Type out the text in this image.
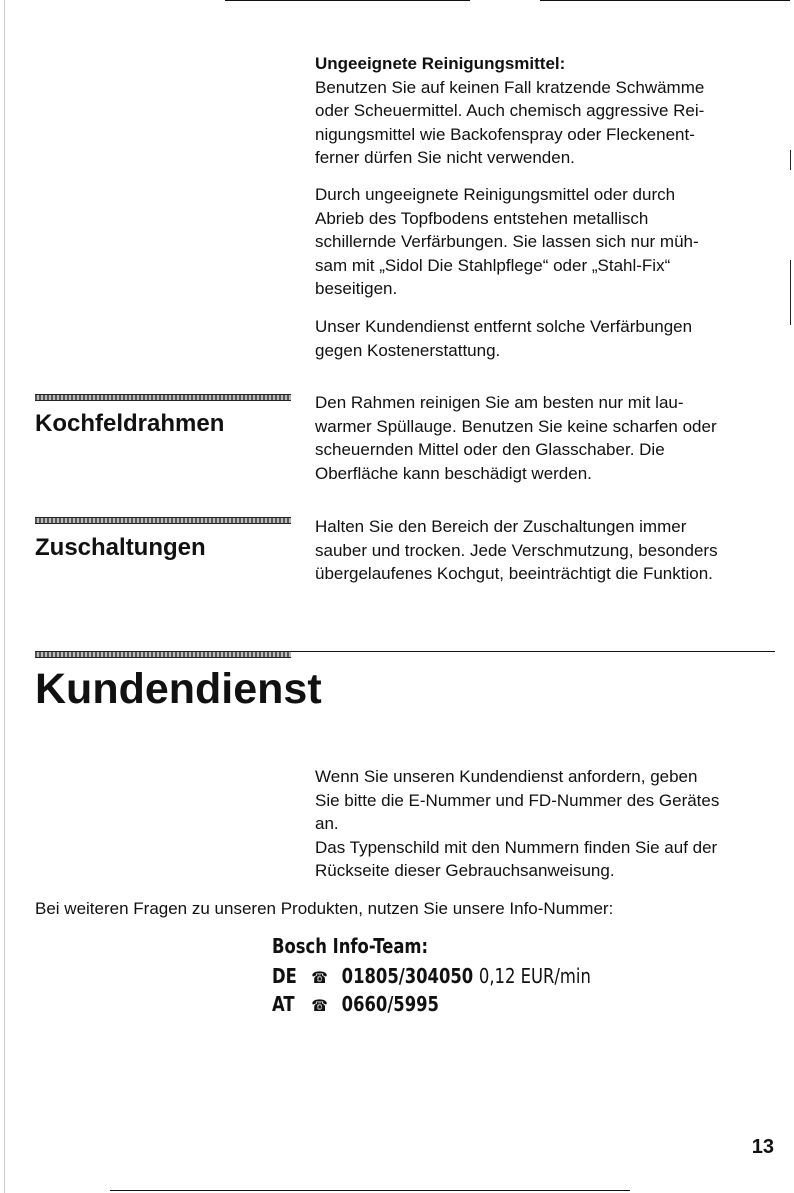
Ungeeignete Reinigungsmittel:
Benutzen Sie auf keinen Fall kratzende Schwämme
oder Scheuermittel. Auch chemisch aggressive Rei-
nigungsmittel wie Backofenspray oder Fleckenent-
ferner dürfen Sie nicht verwenden.
Durch ungeeignete Reinigungsmittel oder durch
Abrieb des Topfbodens entstehen metallisch
schillernde Verfärbungen. Sie lassen sich nur müh-
sam mit „Sidol Die Stahlpflege“ oder „Stahl-Fix“
beseitigen.
Unser Kundendienst entfernt solche Verfärbungen
gegen Kostenerstattung.
Kochfeldrahmen
Den Rahmen reinigen Sie am besten nur mit lau-
warmer Spüllauge. Benutzen Sie keine scharfen oder
scheuernden Mittel oder den Glasschaber. Die
Oberfläche kann beschädigt werden.
Zuschaltungen
Halten Sie den Bereich der Zuschaltungen immer
sauber und trocken. Jede Verschmutzung, besonders
übergelaufenes Kochgut, beeinträchtigt die Funktion.
Kundendienst
Wenn Sie unseren Kundendienst anfordern, geben
Sie bitte die E-Nummer und FD-Nummer des Gerätes
an.
Das Typenschild mit den Nummern finden Sie auf der
Rückseite dieser Gebrauchsanweisung.
Bei weiteren Fragen zu unseren Produkten, nutzen Sie unsere Info-Nummer:
Bosch Info-Team:
DE ☎ 01805/304050 0,12 EUR/min
AT ☎ 0660/5995
13
